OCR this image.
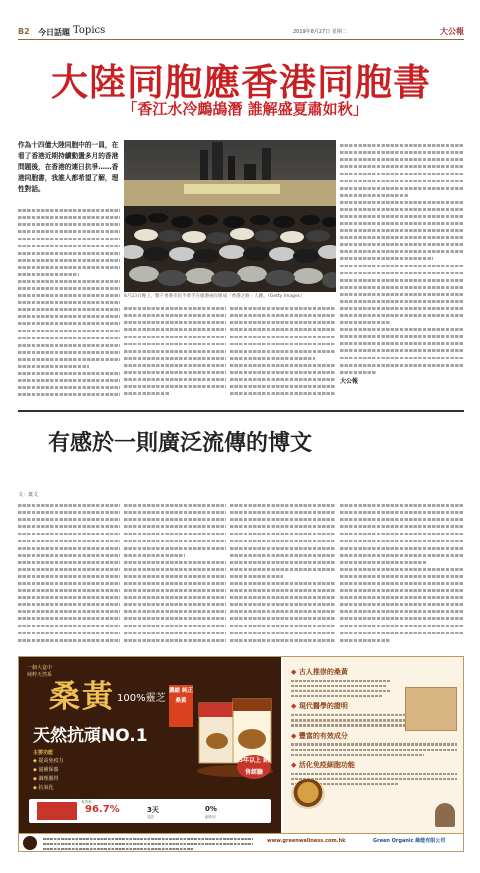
B2 今日話題 Topics	2019年8月27日 星期二	大公報
大陸同胞應香港同胞書
「 香江水冷鷓鴣潛 誰解盛夏肅如秋 」
作為十四億大陸同胞中的一員，在看了香港近期持續動盪多月的香港問題後，在香港的連日抗爭……香港同胞書，我誰人都希望了解，理性對話。
8月23日晚上，數千香港市民手牽手在維港兩岸組成「香港之路」人鏈。（Getty Images）
大公報
有感於一則廣泛流傳的博文
文：葉文
一個大盒中
純粹天然系
桑黃 100%靈芝
濃縮 純正 桑黃
天然抗頑NO.1
主要功能
◆ 提高免疫力
◆ 滋補保養
◆ 調理腸胃
◆ 抗氧化
5年以上 銷售經驗
有效率
96.7%	3天
見效
0%
副作用
◆ 古人推崇的桑黃
◆ 現代醫學的證明
◆ 豐富的有效成分
◆ 活化免疫細胞功能
www.greenwellness.com.hk	Green Organic 綠能有限公司
